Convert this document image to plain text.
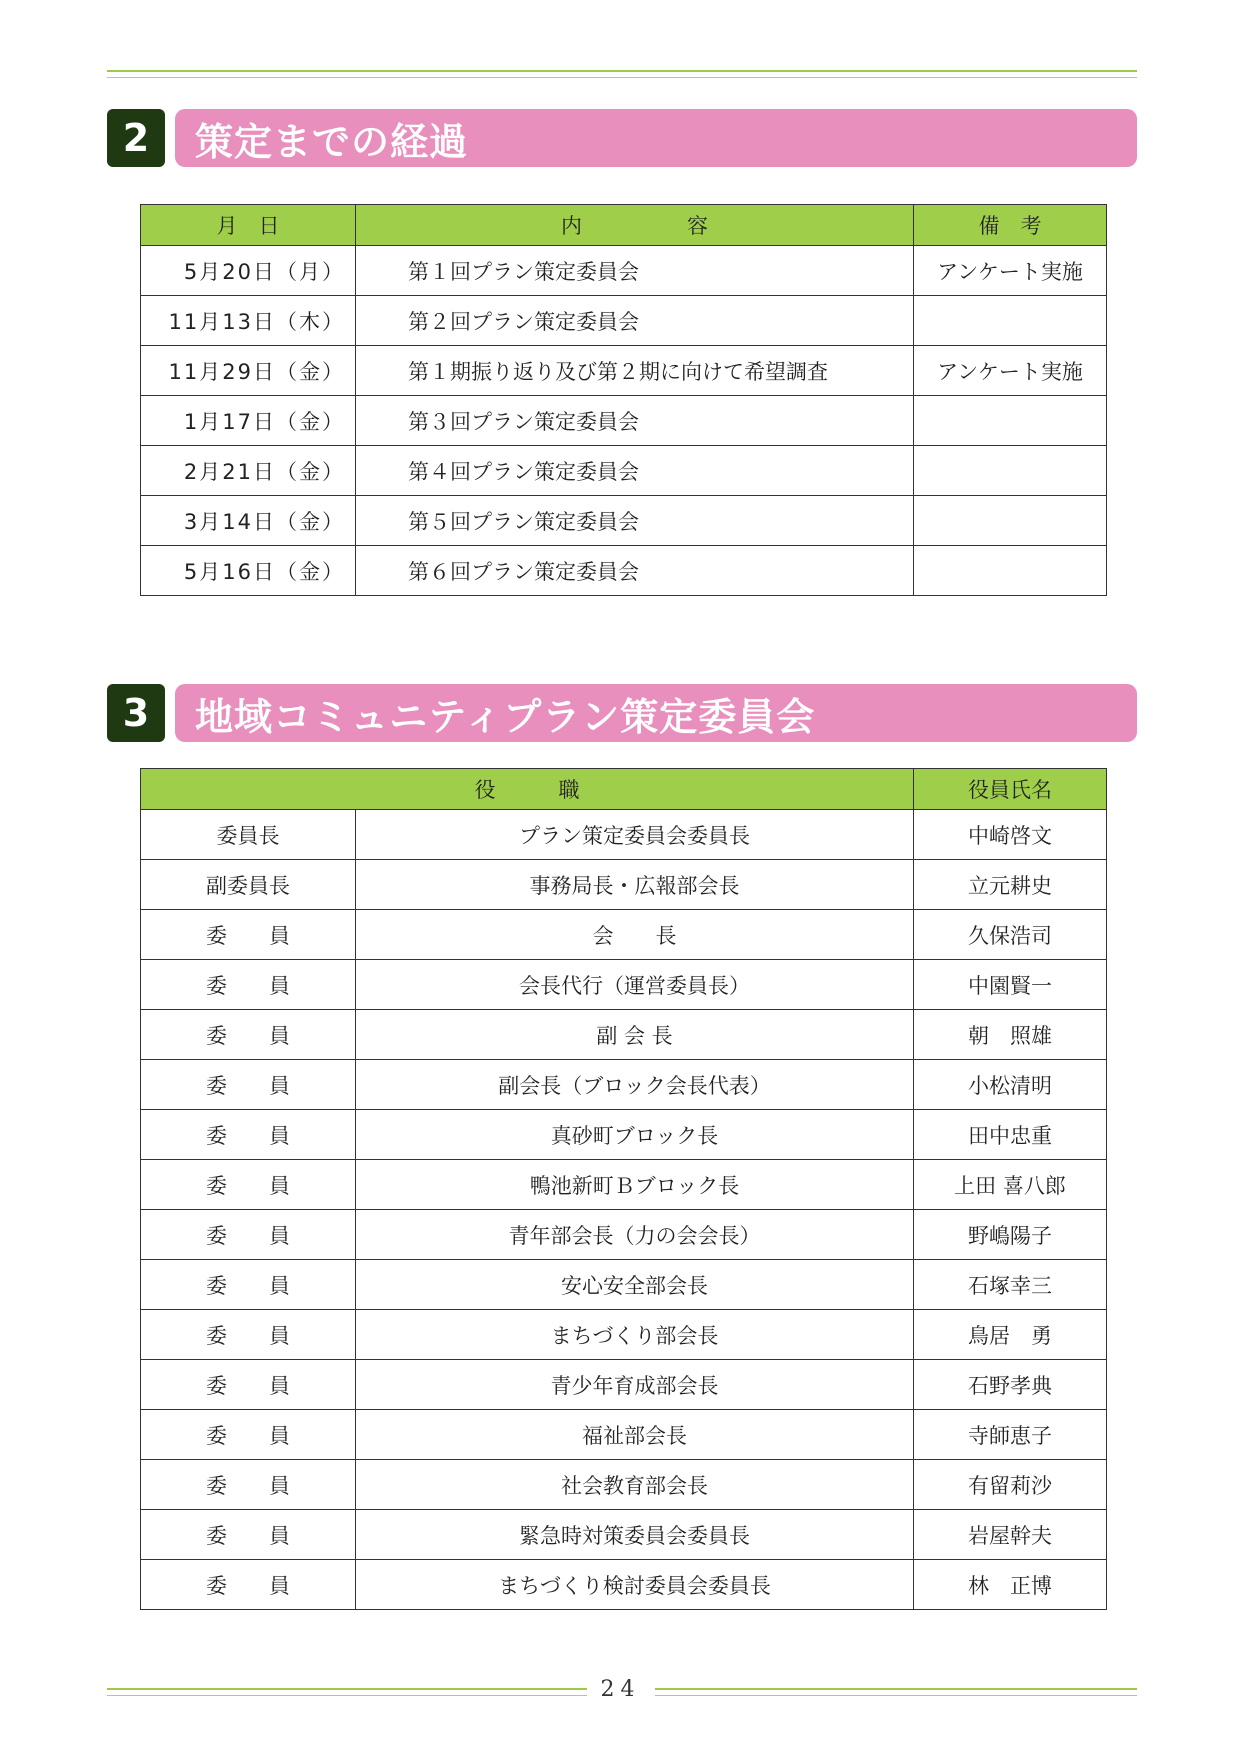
2	策定までの経過
月　日	内　　　　　容	備　考
5月20日（月）	第１回プラン策定委員会	アンケート実施
11月13日（木）	第２回プラン策定委員会	
11月29日（金）	第１期振り返り及び第２期に向けて希望調査	アンケート実施
1月17日（金）	第３回プラン策定委員会	
2月21日（金）	第４回プラン策定委員会	
3月14日（金）	第５回プラン策定委員会	
5月16日（金）	第６回プラン策定委員会	
3	地域コミュニティプラン策定委員会
役　　　職		役員氏名
委員長	プラン策定委員会委員長	中崎啓文
副委員長	事務局長・広報部会長	立元耕史
委　　員	会　　長	久保浩司
委　　員	会長代行（運営委員長）	中園賢一
委　　員	副 会 長	朝　照雄
委　　員	副会長（ブロック会長代表）	小松清明
委　　員	真砂町ブロック長	田中忠重
委　　員	鴨池新町Ｂブロック長	上田 喜八郎
委　　員	青年部会長（力の会会長）	野嶋陽子
委　　員	安心安全部会長	石塚幸三
委　　員	まちづくり部会長	鳥居　勇
委　　員	青少年育成部会長	石野孝典
委　　員	福祉部会長	寺師恵子
委　　員	社会教育部会長	有留莉沙
委　　員	緊急時対策委員会委員長	岩屋幹夫
委　　員	まちづくり検討委員会委員長	林　正博
24
